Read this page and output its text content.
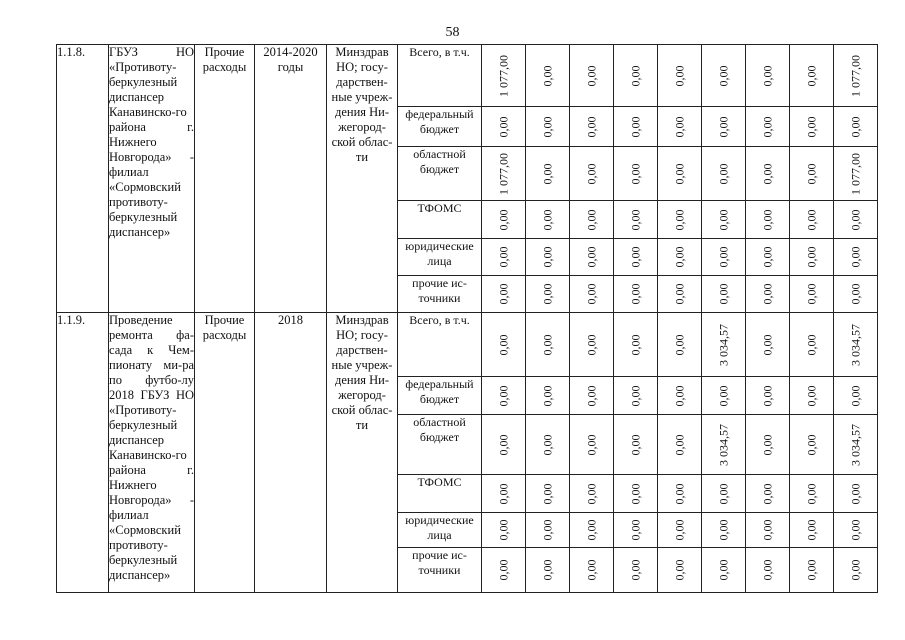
58
1.1.8.	ГБУЗ НО «Противоту-беркулезный диспансер Канавинско-го района г. Нижнего Новгорода» - филиал «Сормовский противоту-беркулезный диспансер»	Прочие расходы	2014-2020 годы	Минздрав НО; госу-дарствен-ные учреж-дения Ни-жегород-ской облас-ти	Всего, в т.ч.	1 077,00	0,00	0,00	0,00	0,00	0,00	0,00	0,00	1 077,00

					федеральный бюджет	0,00	0,00	0,00	0,00	0,00	0,00	0,00	0,00	0,00

					областной бюджет	1 077,00	0,00	0,00	0,00	0,00	0,00	0,00	0,00	1 077,00

					ТФОМС	0,00	0,00	0,00	0,00	0,00	0,00	0,00	0,00	0,00

					юридические лица	0,00	0,00	0,00	0,00	0,00	0,00	0,00	0,00	0,00

					прочие ис-точники	0,00	0,00	0,00	0,00	0,00	0,00	0,00	0,00	0,00

1.1.9.	Проведение ремонта фа-сада к Чем-пионату ми-ра по футбо-лу 2018 ГБУЗ НО «Противоту-беркулезный диспансер Канавинско-го района г. Нижнего Новгорода» - филиал «Сормовский противоту-беркулезный диспансер»	Прочие расходы	2018	Минздрав НО; госу-дарствен-ные учреж-дения Ни-жегород-ской облас-ти	Всего, в т.ч.	0,00	0,00	0,00	0,00	0,00	3 034,57	0,00	0,00	3 034,57

					федеральный бюджет	0,00	0,00	0,00	0,00	0,00	0,00	0,00	0,00	0,00

					областной бюджет	0,00	0,00	0,00	0,00	0,00	3 034,57	0,00	0,00	3 034,57

					ТФОМС	0,00	0,00	0,00	0,00	0,00	0,00	0,00	0,00	0,00

					юридические лица	0,00	0,00	0,00	0,00	0,00	0,00	0,00	0,00	0,00

					прочие ис-точники	0,00	0,00	0,00	0,00	0,00	0,00	0,00	0,00	0,00
